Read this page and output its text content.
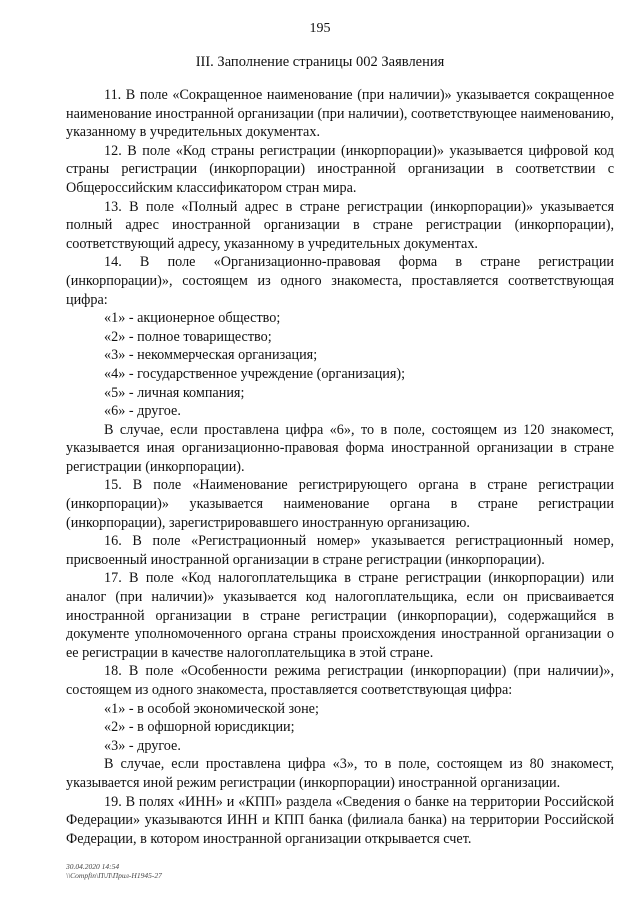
195
III. Заполнение страницы 002 Заявления

11. В поле «Сокращенное наименование (при наличии)» указывается сокращенное наименование иностранной организации (при наличии), соответствующее наименованию, указанному в учредительных документах.

12. В поле «Код страны регистрации (инкорпорации)» указывается цифровой код страны регистрации (инкорпорации) иностранной организации в соответствии с Общероссийским классификатором стран мира.

13. В поле «Полный адрес в стране регистрации (инкорпорации)» указывается полный адрес иностранной организации в стране регистрации (инкорпорации), соответствующий адресу, указанному в учредительных документах.

14. В поле «Организационно-правовая форма в стране регистрации (инкорпорации)», состоящем из одного знакоместа, проставляется соответствующая цифра:

«1» - акционерное общество;

«2» - полное товарищество;

«3» - некоммерческая организация;

«4» - государственное учреждение (организация);

«5» - личная компания;

«6» - другое.

В случае, если проставлена цифра «6», то в поле, состоящем из 120 знакомест, указывается иная организационно-правовая форма иностранной организации в стране регистрации (инкорпорации).

15. В поле «Наименование регистрирующего органа в стране регистрации (инкорпорации)» указывается наименование органа в стране регистрации (инкорпорации), зарегистрировавшего иностранную организацию.

16. В поле «Регистрационный номер» указывается регистрационный номер, присвоенный иностранной организации в стране регистрации (инкорпорации).

17. В поле «Код налогоплательщика в стране регистрации (инкорпорации) или аналог (при наличии)» указывается код налогоплательщика, если он присваивается иностранной организации в стране регистрации (инкорпорации), содержащийся в документе уполномоченного органа страны происхождения иностранной организации о ее регистрации в качестве налогоплательщика в этой стране.

18. В поле «Особенности режима регистрации (инкорпорации) (при наличии)», состоящем из одного знакоместа, проставляется соответствующая цифра:

«1» - в особой экономической зоне;

«2» - в офшорной юрисдикции;

«3» - другое.

В случае, если проставлена цифра «3», то в поле, состоящем из 80 знакомест, указывается иной режим регистрации (инкорпорации) иностранной организации.

19. В полях «ИНН» и «КПП» раздела «Сведения о банке на территории Российской Федерации» указываются ИНН и КПП банка (филиала банка) на территории Российской Федерации, в котором иностранной организации открывается счет.

30.04.2020 14:54
\\Compfin\П\Л\Прил-Н1945-27
